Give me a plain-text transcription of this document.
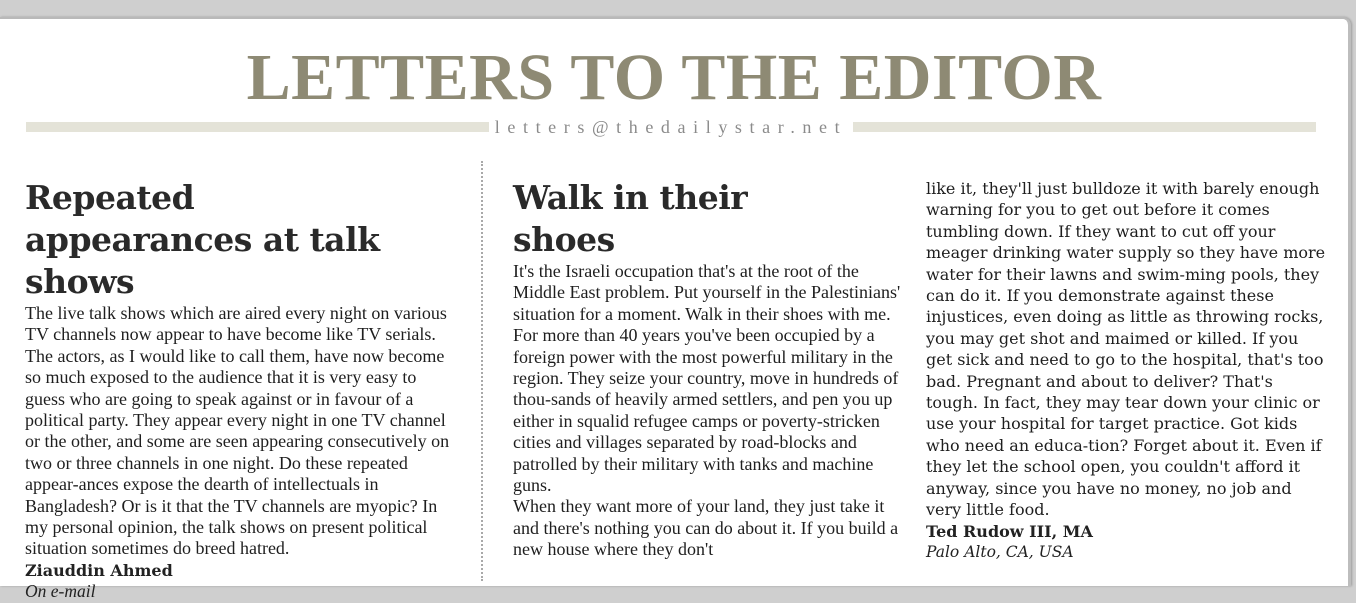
LETTERS TO THE EDITOR
letters@thedailystar.net
Repeated appearances at talk shows

The live talk shows which are aired every night on various TV channels now appear to have become like TV serials. The actors, as I would like to call them, have now become so much exposed to the audience that it is very easy to guess who are going to speak against or in favour of a political party. They appear every night in one TV channel or the other, and some are seen appearing consecutively on two or three channels in one night. Do these repeated appear-ances expose the dearth of intellectuals in Bangladesh? Or is it that the TV channels are myopic? In my personal opinion, the talk shows on present political situation sometimes do breed hatred.

Ziauddin Ahmed
On e-mail
Walk in their shoes

It's the Israeli occupation that's at the root of the Middle East problem. Put yourself in the Palestinians' situation for a moment. Walk in their shoes with me. For more than 40 years you've been occupied by a foreign power with the most powerful military in the region. They seize your country, move in hundreds of thou-sands of heavily armed settlers, and pen you up either in squalid refugee camps or poverty-stricken cities and villages separated by road-blocks and patrolled by their military with tanks and machine guns.

When they want more of your land, they just take it and there's nothing you can do about it. If you build a new house where they don't

like it, they'll just bulldoze it with barely enough warning for you to get out before it comes tumbling down. If they want to cut off your meager drinking water supply so they have more water for their lawns and swim-ming pools, they can do it. If you demonstrate against these injustices, even doing as little as throwing rocks, you may get shot and maimed or killed. If you get sick and need to go to the hospital, that's too bad. Pregnant and about to deliver? That's tough. In fact, they may tear down your clinic or use your hospital for target practice. Got kids who need an educa-tion? Forget about it. Even if they let the school open, you couldn't afford it anyway, since you have no money, no job and very little food.

Ted Rudow III, MA
Palo Alto, CA, USA
